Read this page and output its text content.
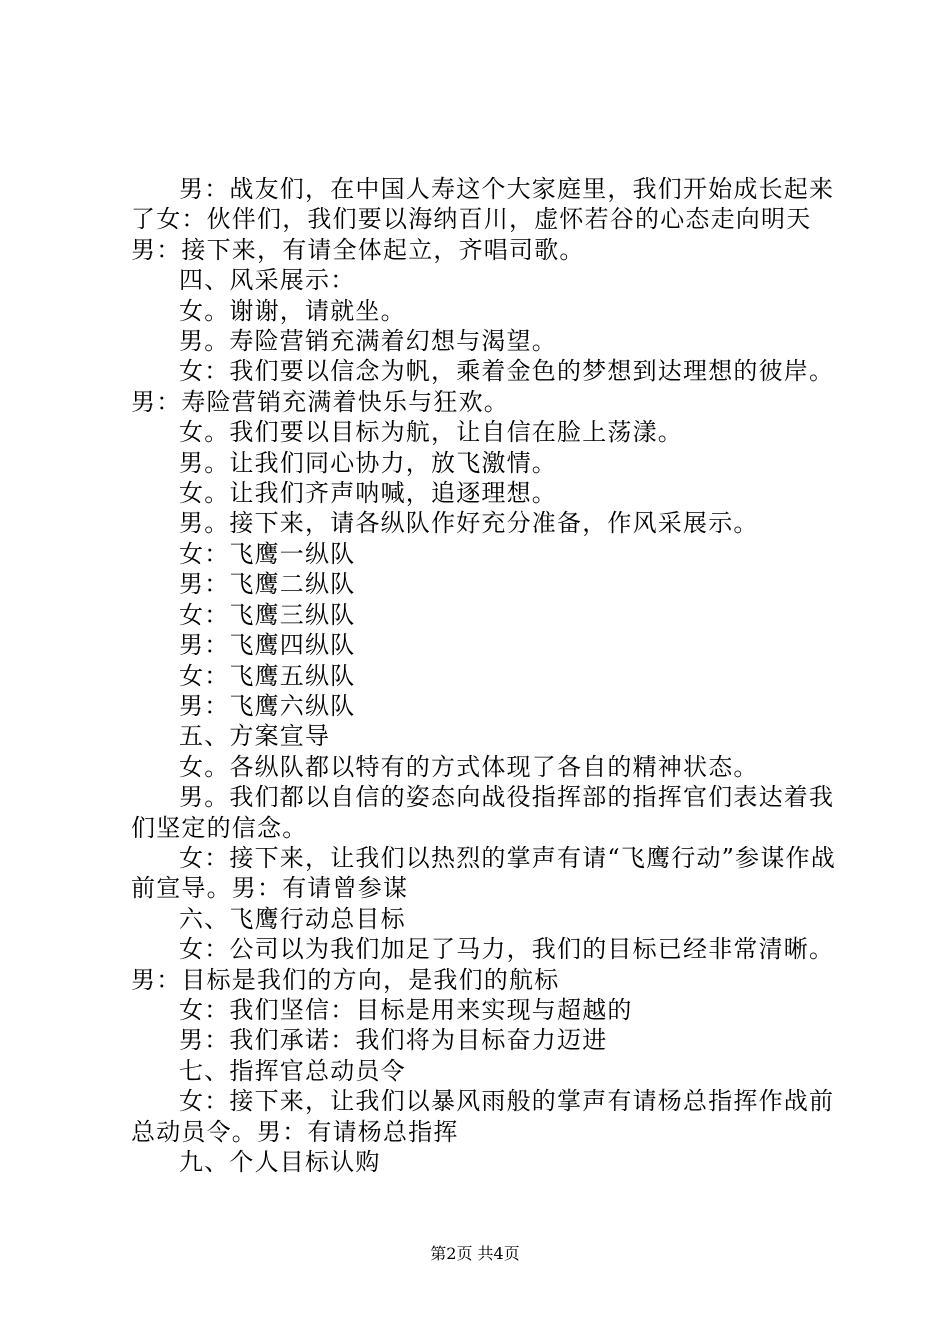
男：战友们，在中国人寿这个大家庭里，我们开始成长起来了女：伙伴们，我们要以海纳百川，虚怀若谷的心态走向明天男：接下来，有请全体起立，齐唱司歌。

四、风采展示：

女。谢谢，请就坐。

男。寿险营销充满着幻想与渴望。

女：我们要以信念为帆，乘着金色的梦想到达理想的彼岸。男：寿险营销充满着快乐与狂欢。

女。我们要以目标为航，让自信在脸上荡漾。

男。让我们同心协力，放飞激情。

女。让我们齐声呐喊，追逐理想。

男。接下来，请各纵队作好充分准备，作风采展示。

女：飞鹰一纵队

男：飞鹰二纵队

女：飞鹰三纵队

男：飞鹰四纵队

女：飞鹰五纵队

男：飞鹰六纵队

五、方案宣导

女。各纵队都以特有的方式体现了各自的精神状态。

男。我们都以自信的姿态向战役指挥部的指挥官们表达着我们坚定的信念。

女：接下来，让我们以热烈的掌声有请“飞鹰行动”参谋作战前宣导。男：有请曾参谋

六、飞鹰行动总目标

女：公司以为我们加足了马力，我们的目标已经非常清晰。男：目标是我们的方向，是我们的航标

女：我们坚信：目标是用来实现与超越的

男：我们承诺：我们将为目标奋力迈进

七、指挥官总动员令

女：接下来，让我们以暴风雨般的掌声有请杨总指挥作战前总动员令。男：有请杨总指挥

九、个人目标认购

第2页 共4页
